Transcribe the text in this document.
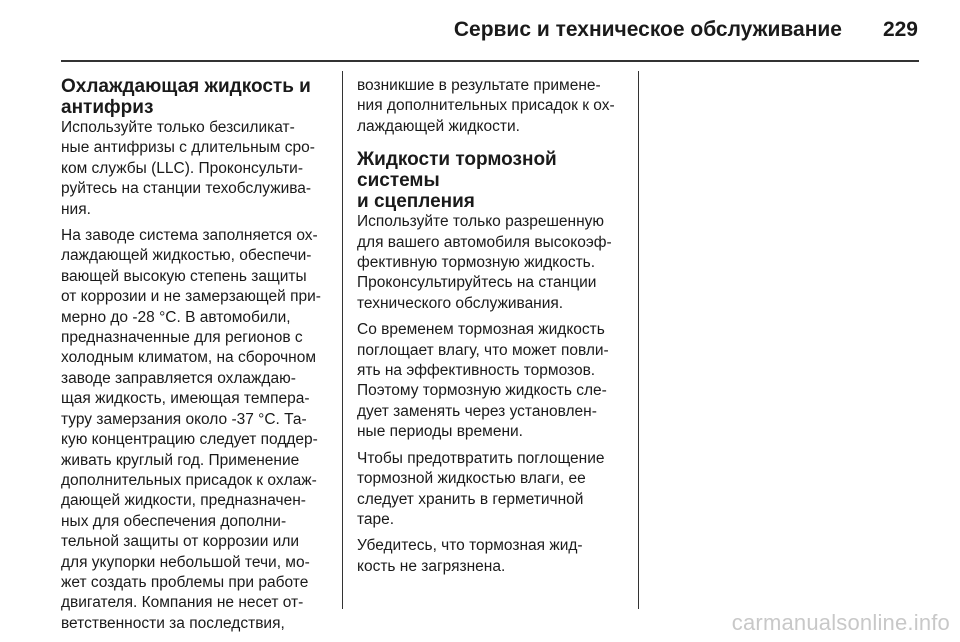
Сервис и техническое обслуживание 229
Охлаждающая жидкость и
антифриз
Используйте только безсиликат-
ные антифризы с длительным сро-
ком службы (LLC). Проконсульти-
руйтесь на станции техобслужива-
ния.
На заводе система заполняется ох-
лаждающей жидкостью, обеспечи-
вающей высокую степень защиты
от коррозии и не замерзающей при-
мерно до -28 °C. В автомобили,
предназначенные для регионов с
холодным климатом, на сборочном
заводе заправляется охлаждаю-
щая жидкость, имеющая темпера-
туру замерзания около -37 °C. Та-
кую концентрацию следует поддер-
живать круглый год. Применение
дополнительных присадок к охлаж-
дающей жидкости, предназначен-
ных для обеспечения дополни-
тельной защиты от коррозии или
для укупорки небольшой течи, мо-
жет создать проблемы при работе
двигателя. Компания не несет от-
ветственности за последствия,
возникшие в результате примене-
ния дополнительных присадок к ох-
лаждающей жидкости.
Жидкости тормозной системы
и сцепления
Используйте только разрешенную
для вашего автомобиля высокоэф-
фективную тормозную жидкость.
Проконсультируйтесь на станции
технического обслуживания.
Со временем тормозная жидкость
поглощает влагу, что может повли-
ять на эффективность тормозов.
Поэтому тормозную жидкость сле-
дует заменять через установлен-
ные периоды времени.
Чтобы предотвратить поглощение
тормозной жидкостью влаги, ее
следует хранить в герметичной
таре.
Убедитесь, что тормозная жид-
кость не загрязнена.
carmanualsonline.info
